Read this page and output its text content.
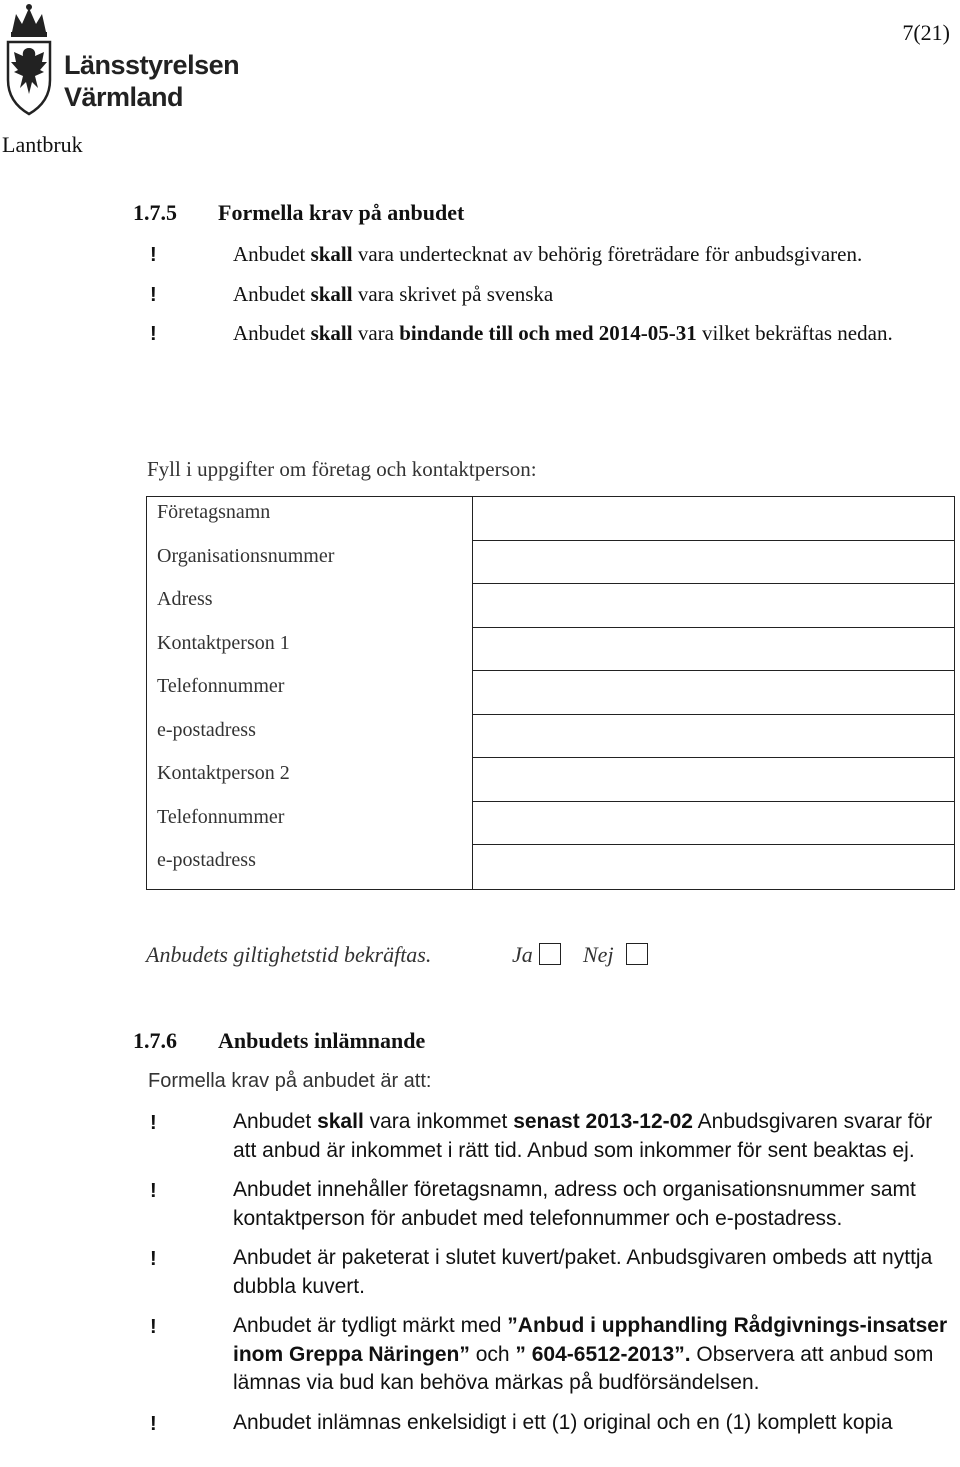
Länsstyrelsen
Värmland
7(21)
Lantbruk
1.7.5 Formella krav på anbudet
!	Anbudet skall vara undertecknat av behörig företrädare för anbudsgivaren.
!	Anbudet skall vara skrivet på svenska
!	Anbudet skall vara bindande till och med 2014-05-31 vilket bekräftas nedan.
Fyll i uppgifter om företag och kontaktperson:
Företagsnamn
Organisationsnummer
Adress
Kontaktperson 1
Telefonnummer
e-postadress
Kontaktperson 2
Telefonnummer
e-postadress

Anbudets giltighetstid bekräftas.	Ja	Nej
1.7.6 Anbudets inlämnande
Formella krav på anbudet är att:
!	Anbudet skall vara inkommet senast 2013-12-02 Anbudsgivaren svarar för att anbud är inkommet i rätt tid. Anbud som inkommer för sent beaktas ej.
!	Anbudet innehåller företagsnamn, adress och organisationsnummer samt kontaktperson för anbudet med telefonnummer och e-postadress.
!	Anbudet är paketerat i slutet kuvert/paket. Anbudsgivaren ombeds att nyttja dubbla kuvert.
!	Anbudet är tydligt märkt med ”Anbud i upphandling Rådgivnings-insatser inom Greppa Näringen” och ” 604-6512-2013”. Observera att anbud som lämnas via bud kan behöva märkas på budförsändelsen.
!	Anbudet inlämnas enkelsidigt i ett (1) original och en (1) komplett kopia
